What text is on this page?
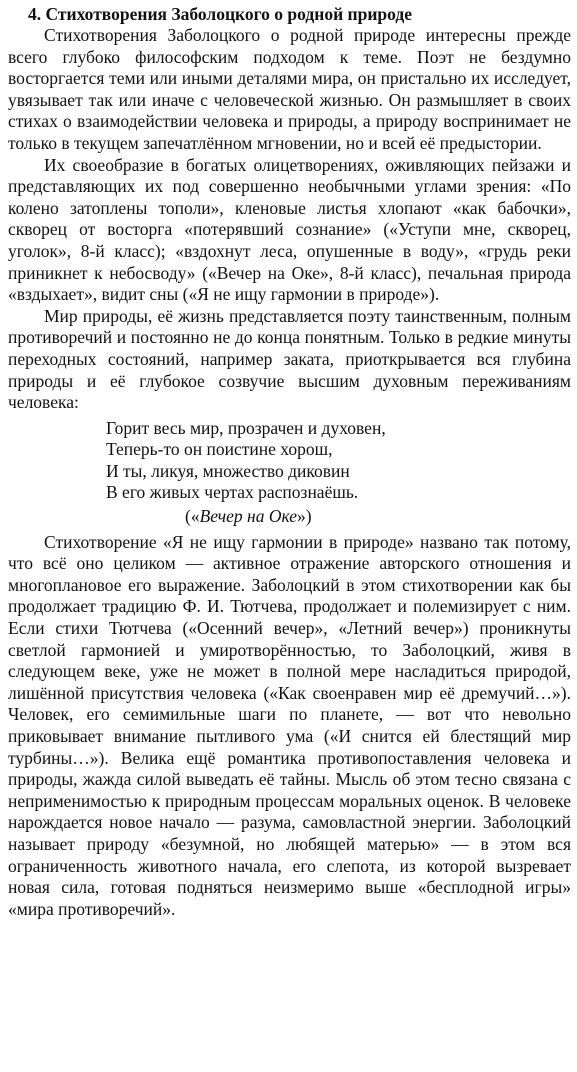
4. Стихотворения Заболоцкого о родной природе

Стихотворения Заболоцкого о родной природе интересны прежде всего глубоко философским подходом к теме. Поэт не бездумно восторгается теми или иными деталями мира, он пристально их исследует, увязывает так или иначе с человеческой жизнью. Он размышляет в своих стихах о взаимодействии человека и природы, а природу воспринимает не только в текущем запечатлённом мгновении, но и всей её предыстории.

Их своеобразие в богатых олицетворениях, оживляющих пейзажи и представляющих их под совершенно необычными углами зрения: «По колено затоплены тополи», кленовые листья хлопают «как бабочки», скворец от восторга «потерявший сознание» («Уступи мне, скворец, уголок», 8-й класс); «вздохнут леса, опушенные в воду», «грудь реки приникнет к небосводу» («Вечер на Оке», 8-й класс), печальная природа «вздыхает», видит сны («Я не ищу гармонии в природе»).

Мир природы, её жизнь представляется поэту таинственным, полным противоречий и постоянно не до конца понятным. Только в редкие минуты переходных состояний, например заката, приоткрывается вся глубина природы и её глубокое созвучие высшим духовным переживаниям человека:

Горит весь мир, прозрачен и духовен,
Теперь-то он поистине хорош,
И ты, ликуя, множество диковин
В его живых чертах распознаёшь.
(«Вечер на Оке»)

Стихотворение «Я не ищу гармонии в природе» названо так потому, что всё оно целиком — активное отражение авторского отношения и многоплановое его выражение. Заболоцкий в этом стихотворении как бы продолжает традицию Ф. И. Тютчева, продолжает и полемизирует с ним. Если стихи Тютчева («Осенний вечер», «Летний вечер») проникнуты светлой гармонией и умиротворённостью, то Заболоцкий, живя в следующем веке, уже не может в полной мере насладиться природой, лишённой присутствия человека («Как своенравен мир её дремучий…»). Человек, его семимильные шаги по планете, — вот что невольно приковывает внимание пытливого ума («И снится ей блестящий мир турбины…»). Велика ещё романтика противопоставления человека и природы, жажда силой выведать её тайны. Мысль об этом тесно связана с неприменимостью к природным процессам моральных оценок. В человеке нарождается новое начало — разума, самовластной энергии. Заболоцкий называет природу «безумной, но любящей матерью» — в этом вся ограниченность животного начала, его слепота, из которой вызревает новая сила, готовая подняться неизмеримо выше «бесплодной игры» «мира противоречий».
